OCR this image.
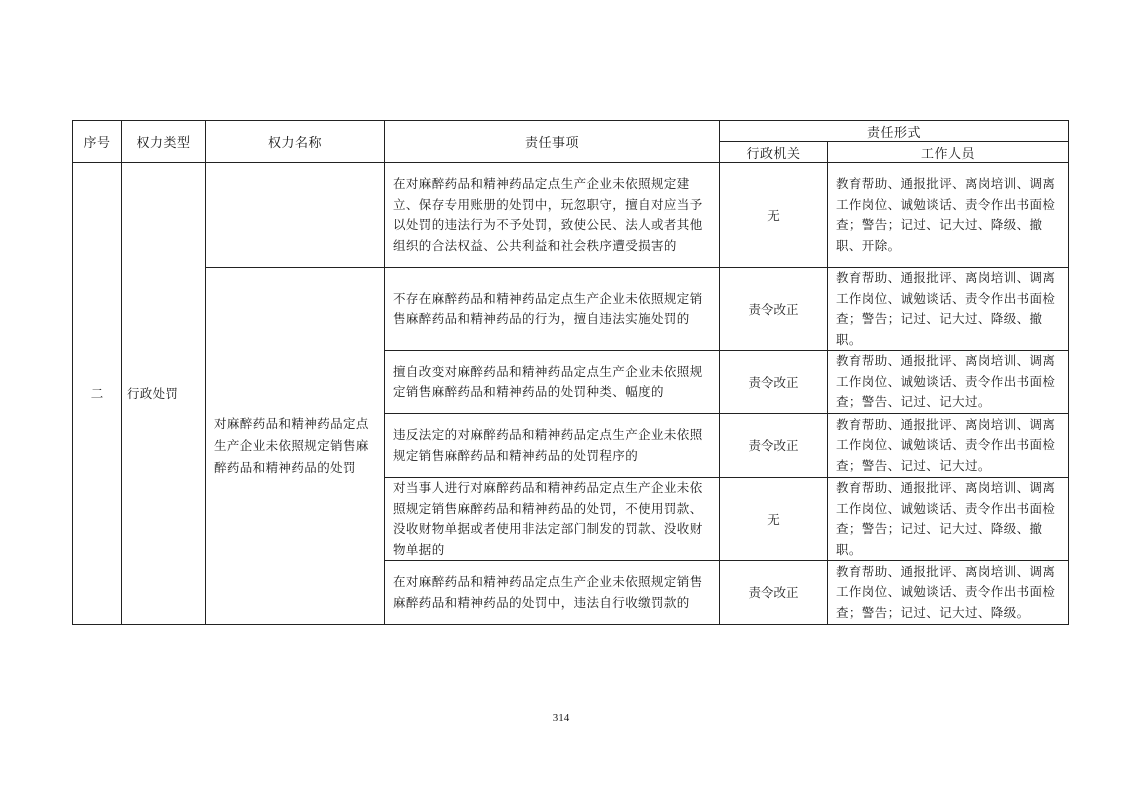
序号	权力类型	权力名称	责任事项	责任形式	
				行政机关	工作人员
二	行政处罚		在对麻醉药品和精神药品定点生产企业未依照规定建立、保存专用账册的处罚中，玩忽职守，擅自对应当予以处罚的违法行为不予处罚，致使公民、法人或者其他组织的合法权益、公共利益和社会秩序遭受损害的	无	教育帮助、通报批评、离岗培训、调离工作岗位、诚勉谈话、责令作出书面检查；警告；记过、记大过、降级、撤职、开除。
		对麻醉药品和精神药品定点生产企业未依照规定销售麻醉药品和精神药品的处罚	不存在麻醉药品和精神药品定点生产企业未依照规定销售麻醉药品和精神药品的行为，擅自违法实施处罚的	责令改正	教育帮助、通报批评、离岗培训、调离工作岗位、诚勉谈话、责令作出书面检查；警告；记过、记大过、降级、撤职。
			擅自改变对麻醉药品和精神药品定点生产企业未依照规定销售麻醉药品和精神药品的处罚种类、幅度的	责令改正	教育帮助、通报批评、离岗培训、调离工作岗位、诚勉谈话、责令作出书面检查；警告、记过、记大过。
			违反法定的对麻醉药品和精神药品定点生产企业未依照规定销售麻醉药品和精神药品的处罚程序的	责令改正	教育帮助、通报批评、离岗培训、调离工作岗位、诚勉谈话、责令作出书面检查；警告、记过、记大过。
			对当事人进行对麻醉药品和精神药品定点生产企业未依照规定销售麻醉药品和精神药品的处罚，不使用罚款、没收财物单据或者使用非法定部门制发的罚款、没收财物单据的	无	教育帮助、通报批评、离岗培训、调离工作岗位、诚勉谈话、责令作出书面检查；警告；记过、记大过、降级、撤职。
			在对麻醉药品和精神药品定点生产企业未依照规定销售麻醉药品和精神药品的处罚中，违法自行收缴罚款的	责令改正	教育帮助、通报批评、离岗培训、调离工作岗位、诚勉谈话、责令作出书面检查；警告；记过、记大过、降级。
314
